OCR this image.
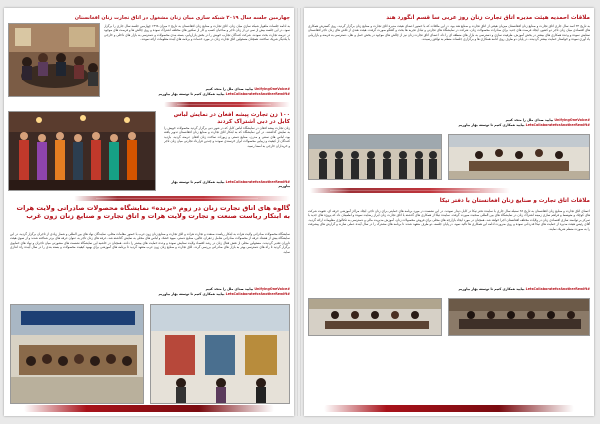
چهارمین جلسه سال ۲۰۱۹ شبکه سازی میان زنان مشغول در اتاق تجارت زنان افغانستان
به ادامه جلسات ماهوار شبکه سازی میان زنان، اتاق تجارت و صنایع زنان افغانستان به تاریخ ۶ میزان ۱۳۹۸ چهارمین جلسه سال جاری را برگزار نمود. در این جلسه بیش از سی تن از زنان تاجر و صاحبان کسب و کار از سکتور های مختلف اشتراک نموده و روی چالش ها و فرصت های موجود در عرصه تجارت بحث نمودند. شرکت کنندگان تجارب خویش را در بخش بازاریابی، بسته بندی محصولات و دسترسی به بازار های داخلی و خارجی با یکدیگر شریک ساختند. همچنان مسئولین اتاق تجارت زنان در مورد خدمات و برنامه های آینده معلومات ارائه نمودند.
#UnifyingOneVoice بیایید صدای ملل را متحد کنیم
#LetsCollaborateforAnotherRewift بیایید همکاری کنیم تا توسعه بهار بیاوریم
۱۰۰ زن تجارت پیشه افغان در نمایش لباس کابل در دبی اشتراک کردند
زنان تجارت پیشه افغان در نمایشگاه لباس کابل که در شهر دبی برگزار گردید محصولات خویش را به نمایش گذاشتند. در این نمایشگاه که به ابتکار اتاق تجارت و صنایع زنان افغانستان تدویر یافته بود، لباس های سنتی و مدرن، صنایع دستی و زیورات ساخت زنان افغان عرضه گردید. بازدید کنندگان از کیفیت و زیبایی محصولات ابراز خرسندی نمودند و چندین قرارداد تجارتی میان زنان تاجر و خریداران خارجی به امضا رسید.
#LetsCollaborateforAnotherRewift بیایید همکاری کنیم تا توسعه بهار بیاوریم
گالوه های اتاق تجارت زنان در زوم «برنده» نمایشگاه محصولات صادراتی ولایت هرات به ابتکار ریاست صنعت و تجارت ولایت هرات و اتاق تجارت و صنایع زنان زون غرب
نمایشگاه محصولات صادراتی ولایت هرات به ابتکار ریاست صنعت و تجارت هرات و اتاق تجارت و صنایع زنان زون غرب با حضور مقامات محلی، نمایندگان نهاد های بین المللی و شمار زیادی از تاجران برگزار گردید. در این نمایشگاه بیش از هشتاد غرفه از محصولات صادراتی شامل زعفران، قالین، صنایع دستی، میوه خشک و لباس های محلی به نمایش گذاشته شد. غرفه های زنان تاجر به عنوان غرفه های برتر شناخته شدند و از سوی هیئت داوران تقدیر گردیدند. مسئولین محلی از نقش فعال زنان در رشد اقتصاد ولایت ستایش نموده و وعده حمایت های بیشتر را دادند. همچنان در حاشیه این نمایشگاه نشست های مشورتی میان تاجران و نهاد های حمایوی برگزار گردید تا راه های دسترسی بهتر به بازار های صادراتی بررسی گردد. اتاق تجارت و صنایع زنان زون غرب متعهد گردید تا برنامه های آموزشی برای بهبود کیفیت محصولات و بسته بندی را در سال آینده راه اندازی نماید.
#UnifyingOneVoice بیایید صدای ملل را متحد کنیم
#LetsCollaborateforAnotherRewift بیایید همکاری کنیم تا توسعه بهار بیاوریم
ملاقات احمدیه هیئت مدیره اتاق تجارت زنان روز عربی سا قسم انگورد هند
به تاریخ ۲۴ اسد سال جاری اتاق تجارت و صنایع زنان افغانستان میزبان هیئتی از اتاق تجارت و صنایع هند بود. در این ملاقات که با حضور اعضای هیئت مدیره اتاق تجارت و صنایع زنان برگزار گردید، روی گسترش همکاری های اقتصادی میان زنان تاجر دو کشور، ایجاد فرصت های جدید برای صادرات محصولات زنان، شرکت در نمایشگاه های تجارتی و تبادل تجربه ها بحث و گفتگو صورت گرفت. هیئت هندی از تلاش های زنان تاجر افغانستان ستایش نموده و وعده همکاری های بیشتر در بخش آموزش، ظرفیت سازی و دسترسی به بازار های منطقه ای را داد. اعضای اتاق تجارت زنان نیز از چالش های موجود در بخش حمل و نقل، دسترسی به قرضه و بازاریابی یاد آوری نموده و خواستار حمایت بیشتر گردیدند. در پایان دو طرف روی ادامه همکاری ها و برگزاری جلسات منظم به توافق رسیدند.
#UnifyingOneVoice بیایید صدای ملل را متحد کنیم
#LetsCollaborateforAnotherRewift بیایید همکاری کنیم تا توسعه بهار بیاوریم
ملاقات اتاق تجارت و صنایع زنان افغانستان با دفتر تیکا
اعضای اتاق تجارت و صنایع زنان افغانستان به تاریخ ۲۸ سنبله سال جاری با نماینده دفتر تیکا در کابل دیدار نمودند. در این نشست در مورد برنامه های حمایتی برای زنان تاجر، ایجاد مراکز آموزشی حرفه ای، تقویت شرکت های کوچک و متوسط و فراهم سازی زمینه اشتراک زنان در نمایشگاه های بین المللی صحبت صورت گرفت. نماینده تیکا از همکاری های گذشته با اتاق تجارت زنان ابراز رضایت نموده و اطمینان داد که پروژه های جدید با تمرکز بر توانمند سازی اقتصادی زنان در ولایات مختلف افغانستان اجرا خواهد شد. همچنان در مورد ایجاد بازارچه های محلی برای فروش محصولات زنان، آموزش مدیریت مالی و دسترسی به تکنالوژی معلومات ارائه گردید. آقای رئیس هیئت مدیره از حمایت های تیکا قدردانی نموده و روی ضرورت ادامه این همکاری ها تاکید نمود. در پایان جلسه، دو طرف متعهد شدند تا برنامه های مشترک را در سال آینده عملی سازند و گزارش های پیشرفت را به صورت منظم شریک نمایند.
#LetsCollaborateforAnotherRewift بیایید همکاری کنیم تا توسعه بهار بیاوریم
